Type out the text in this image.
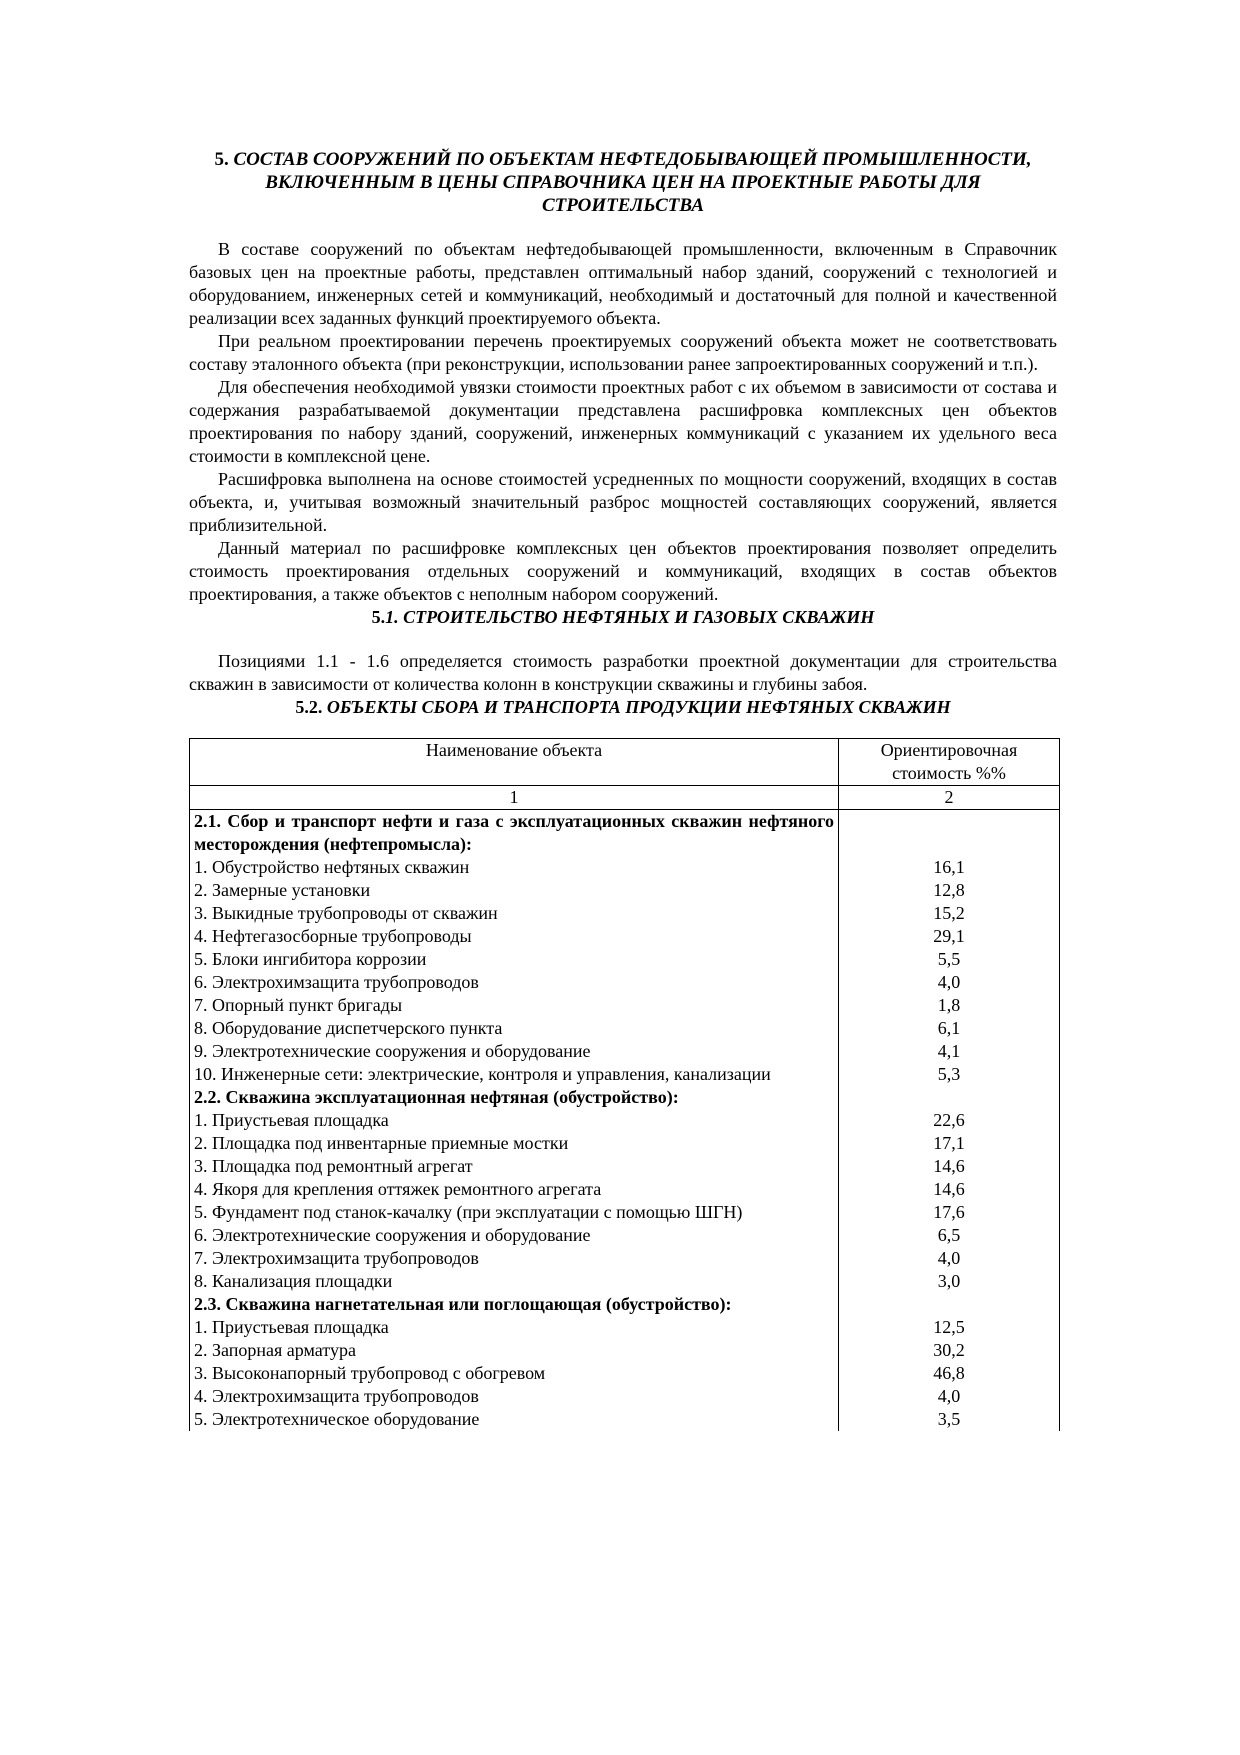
5. СОСТАВ СООРУЖЕНИЙ ПО ОБЪЕКТАМ НЕФТЕДОБЫВАЮЩЕЙ ПРОМЫШЛЕННОСТИ, ВКЛЮЧЕННЫМ В ЦЕНЫ СПРАВОЧНИКА ЦЕН НА ПРОЕКТНЫЕ РАБОТЫ ДЛЯ СТРОИТЕЛЬСТВА

В составе сооружений по объектам нефтедобывающей промышленности, включенным в Справочник базовых цен на проектные работы, представлен оптимальный набор зданий, сооружений с технологией и оборудованием, инженерных сетей и коммуникаций, необходимый и достаточный для полной и качественной реализации всех заданных функций проектируемого объекта.

При реальном проектировании перечень проектируемых сооружений объекта может не соответствовать составу эталонного объекта (при реконструкции, использовании ранее запроектированных сооружений и т.п.).

Для обеспечения необходимой увязки стоимости проектных работ с их объемом в зависимости от состава и содержания разрабатываемой документации представлена расшифровка комплексных цен объектов проектирования по набору зданий, сооружений, инженерных коммуникаций с указанием их удельного веса стоимости в комплексной цене.

Расшифровка выполнена на основе стоимостей усредненных по мощности сооружений, входящих в состав объекта, и, учитывая возможный значительный разброс мощностей составляющих сооружений, является приблизительной.

Данный материал по расшифровке комплексных цен объектов проектирования позволяет определить стоимость проектирования отдельных сооружений и коммуникаций, входящих в состав объектов проектирования, а также объектов с неполным набором сооружений.

5.1. СТРОИТЕЛЬСТВО НЕФТЯНЫХ И ГАЗОВЫХ СКВАЖИН

Позициями 1.1 - 1.6 определяется стоимость разработки проектной документации для строительства скважин в зависимости от количества колонн в конструкции скважины и глубины забоя.

5.2. ОБЪЕКТЫ СБОРА И ТРАНСПОРТА ПРОДУКЦИИ НЕФТЯНЫХ СКВАЖИН

Наименование объекта	Ориентировочная стоимость %%
1	2
2.1. Сбор и транспорт нефти и газа с эксплуатационных скважин нефтяного месторождения (нефтепромысла):	
1. Обустройство нефтяных скважин	16,1
2. Замерные установки	12,8
3. Выкидные трубопроводы от скважин	15,2
4. Нефтегазосборные трубопроводы	29,1
5. Блоки ингибитора коррозии	5,5
6. Электрохимзащита трубопроводов	4,0
7. Опорный пункт бригады	1,8
8. Оборудование диспетчерского пункта	6,1
9. Электротехнические сооружения и оборудование	4,1
10. Инженерные сети: электрические, контроля и управления, канализации	5,3
2.2. Скважина эксплуатационная нефтяная (обустройство):	
1. Приустьевая площадка	22,6
2. Площадка под инвентарные приемные мостки	17,1
3. Площадка под ремонтный агрегат	14,6
4. Якоря для крепления оттяжек ремонтного агрегата	14,6
5. Фундамент под станок-качалку (при эксплуатации с помощью ШГН)	17,6
6. Электротехнические сооружения и оборудование	6,5
7. Электрохимзащита трубопроводов	4,0
8. Канализация площадки	3,0
2.3. Скважина нагнетательная или поглощающая (обустройство):	
1. Приустьевая площадка	12,5
2. Запорная арматура	30,2
3. Высоконапорный трубопровод с обогревом	46,8
4. Электрохимзащита трубопроводов	4,0
5. Электротехническое оборудование	3,5
